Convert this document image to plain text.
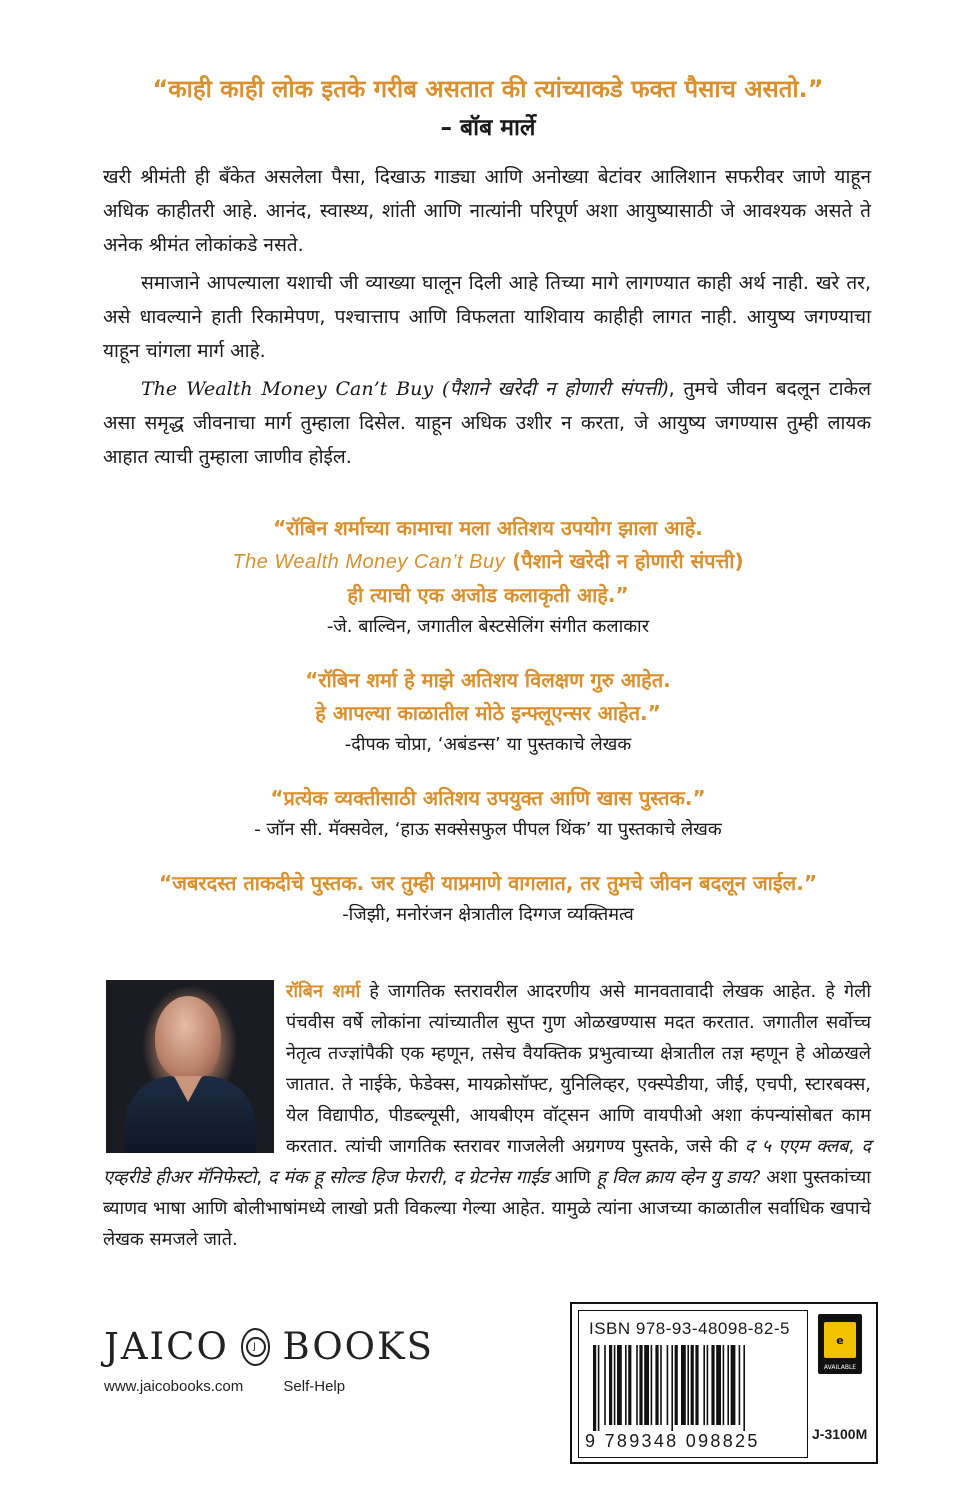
“काही काही लोक इतके गरीब असतात की त्यांच्याकडे फक्त पैसाच असतो.”
– बॉब मार्ले

खरी श्रीमंती ही बँकेत असलेला पैसा, दिखाऊ गाड्या आणि अनोख्या बेटांवर आलिशान सफरीवर जाणे याहून अधिक काहीतरी आहे. आनंद, स्वास्थ्य, शांती आणि नात्यांनी परिपूर्ण अशा आयुष्यासाठी जे आवश्यक असते ते अनेक श्रीमंत लोकांकडे नसते.

समाजाने आपल्याला यशाची जी व्याख्या घालून दिली आहे तिच्या मागे लागण्यात काही अर्थ नाही. खरे तर, असे धावल्याने हाती रिकामेपण, पश्चात्ताप आणि विफलता याशिवाय काहीही लागत नाही. आयुष्य जगण्याचा याहून चांगला मार्ग आहे.

The Wealth Money Can’t Buy (पैशाने खरेदी न होणारी संपत्ती), तुमचे जीवन बदलून टाकेल असा समृद्ध जीवनाचा मार्ग तुम्हाला दिसेल. याहून अधिक उशीर न करता, जे आयुष्य जगण्यास तुम्ही लायक आहात त्याची तुम्हाला जाणीव होईल.

“रॉबिन शर्माच्या कामाचा मला अतिशय उपयोग झाला आहे.
The Wealth Money Can’t Buy (पैशाने खरेदी न होणारी संपत्ती)
ही त्याची एक अजोड कलाकृती आहे.”
-जे. बाल्विन, जगातील बेस्टसेलिंग संगीत कलाकार
“रॉबिन शर्मा हे माझे अतिशय विलक्षण गुरु आहेत.
हे आपल्या काळातील मोठे इन्फ्लूएन्सर आहेत.”
-दीपक चोप्रा, ‘अबंडन्स’ या पुस्तकाचे लेखक
“प्रत्येक व्यक्तीसाठी अतिशय उपयुक्त आणि खास पुस्तक.”
- जॉन सी. मॅक्सवेल, ‘हाऊ सक्सेसफुल पीपल थिंक’ या पुस्तकाचे लेखक
“जबरदस्त ताकदीचे पुस्तक. जर तुम्ही याप्रमाणे वागलात, तर तुमचे जीवन बदलून जाईल.”
-जिझी, मनोरंजन क्षेत्रातील दिग्गज व्यक्तिमत्व
रॉबिन शर्मा हे जागतिक स्तरावरील आदरणीय असे मानवतावादी लेखक आहेत. हे गेली पंचवीस वर्षे लोकांना त्यांच्यातील सुप्त गुण ओळखण्यास मदत करतात. जगातील सर्वोच्च नेतृत्व तज्ज्ञांपैकी एक म्हणून, तसेच वैयक्तिक प्रभुत्वाच्या क्षेत्रातील तज्ञ म्हणून हे ओळखले जातात. ते नाईके, फेडेक्स, मायक्रोसॉफ्ट, युनिलिव्हर, एक्स्पेडीया, जीई, एचपी, स्टारबक्स, येल विद्यापीठ, पीडब्ल्यूसी, आयबीएम वॉट्सन आणि वायपीओ अशा कंपन्यांसोबत काम करतात. त्यांची जागतिक स्तरावर गाजलेली अग्रगण्य पुस्तके, जसे की द ५ एएम क्लब, द एव्हरीडे हीअर मॅनिफेस्टो, द मंक हू सोल्ड हिज फेरारी, द ग्रेटनेस गाईड आणि हू विल क्राय व्हेन यु डाय? अशा पुस्तकांच्या ब्याणव भाषा आणि बोलीभाषांमध्ये लाखो प्रती विकल्या गेल्या आहेत. यामुळे त्यांना आजच्या काळातील सर्वाधिक खपाचे लेखक समजले जाते.
JAICO	J BOOKS
www.jaicobooks.com	Self-Help
ISBN 978-93-48098-82-5
9 789348 098825
e
AVAILABLE
J-3100M
